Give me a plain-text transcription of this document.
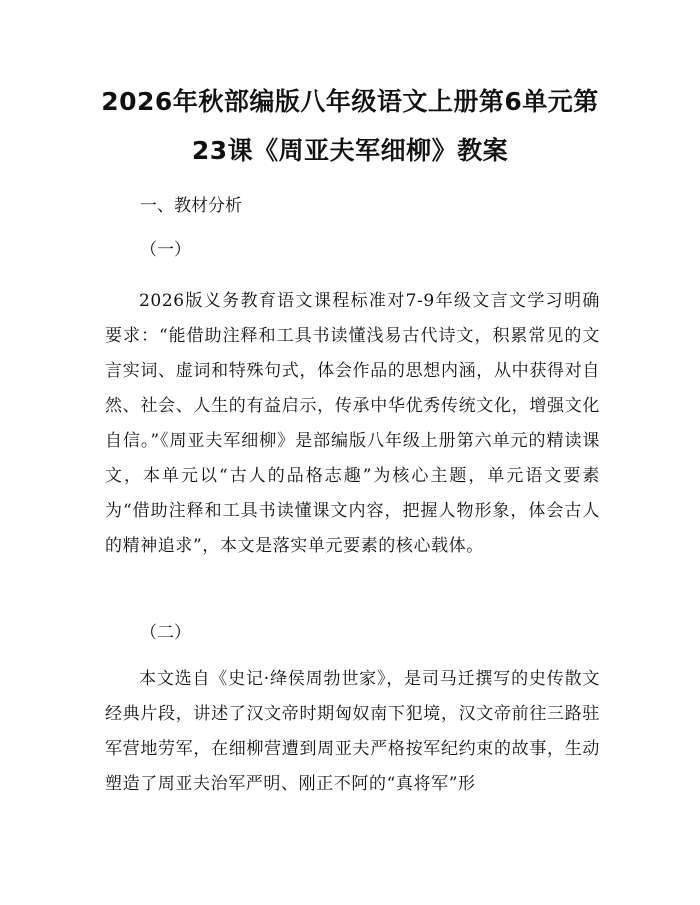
2026年秋部编版八年级语文上册第6单元第
23课《周亚夫军细柳》教案
一、教材分析
（一）

2026版义务教育语文课程标准对7-9年级文言文学习明确要求：“能借助注释和工具书读懂浅易古代诗文，积累常见的文言实词、虚词和特殊句式，体会作品的思想内涵，从中获得对自然、社会、人生的有益启示，传承中华优秀传统文化，增强文化自信。”《周亚夫军细柳》是部编版八年级上册第六单元的精读课文，本单元以“古人的品格志趣”为核心主题，单元语文要素为“借助注释和工具书读懂课文内容，把握人物形象，体会古人的精神追求”，本文是落实单元要素的核心载体。

（二）

本文选自《史记·绛侯周勃世家》，是司马迁撰写的史传散文经典片段，讲述了汉文帝时期匈奴南下犯境，汉文帝前往三路驻军营地劳军，在细柳营遭到周亚夫严格按军纪约束的故事，生动塑造了周亚夫治军严明、刚正不阿的“真将军”形
